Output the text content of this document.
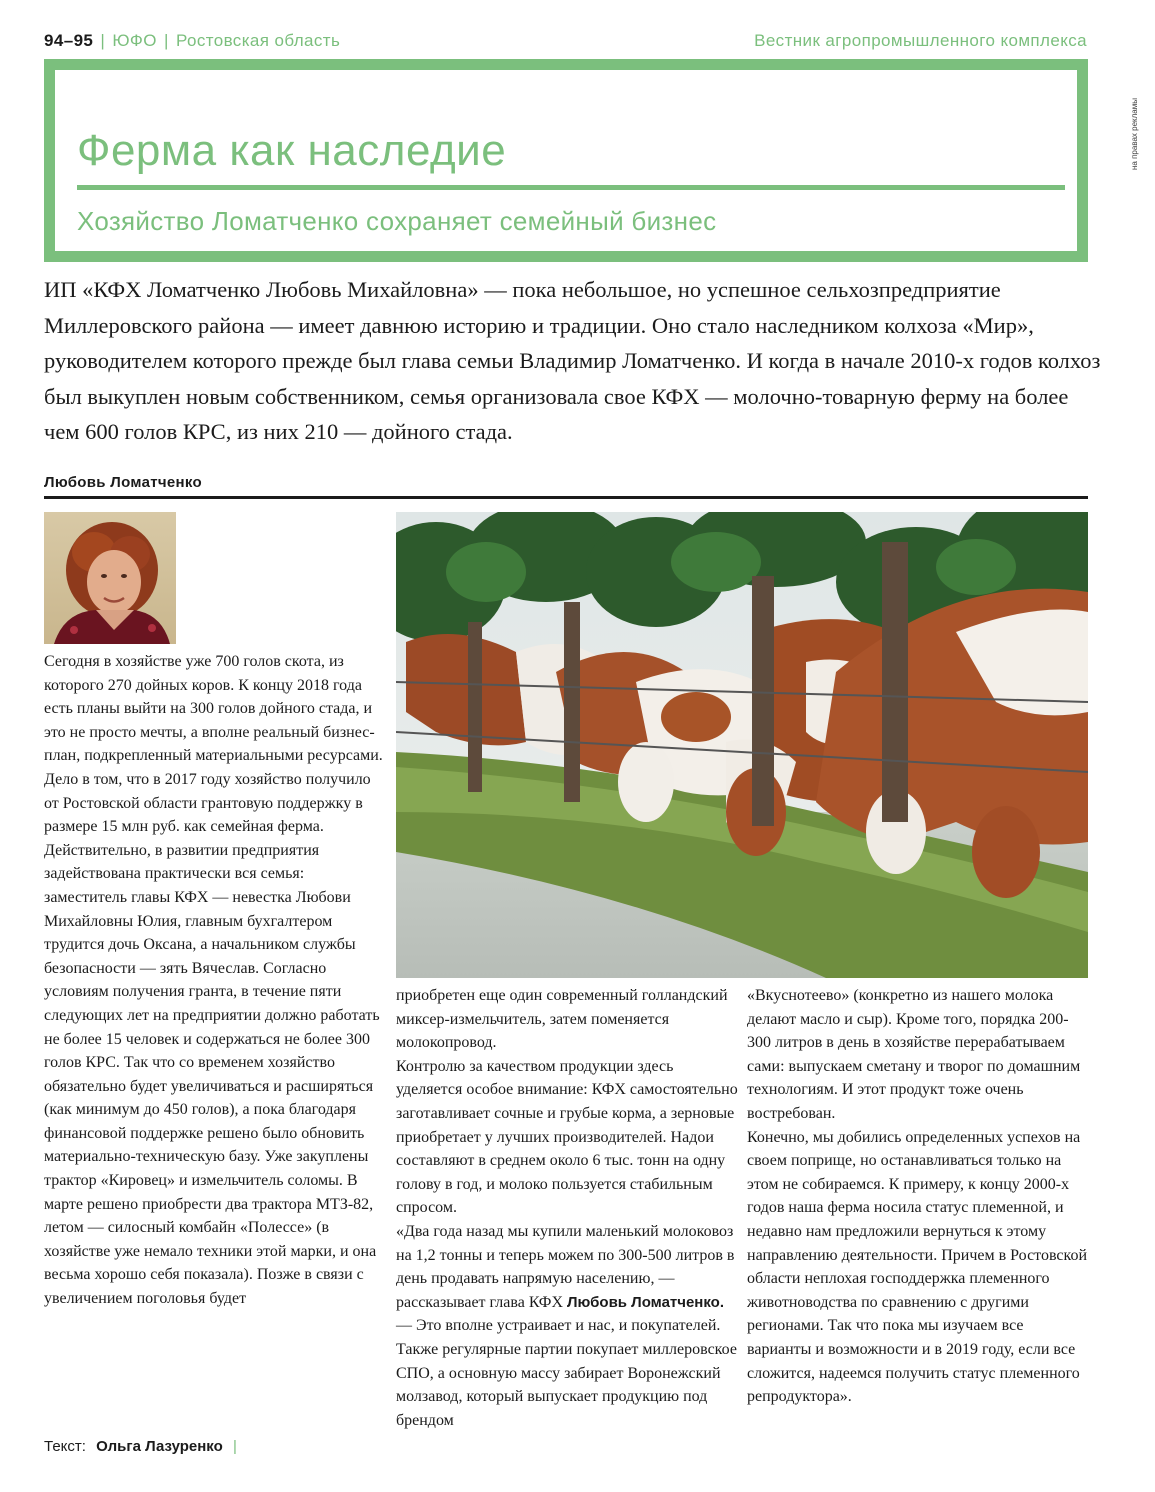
94–95 | ЮФО | Ростовская область	Вестник агропромышленного комплекса
на правах рекламы
Ферма как наследие
Хозяйство Ломатченко сохраняет семейный бизнес

ИП «КФХ Ломатченко Любовь Михайловна» — пока небольшое, но успешное сельхозпредприятие Миллеровского района — имеет давнюю историю и традиции. Оно стало наследником колхоза «Мир», руководителем которого прежде был глава семьи Владимир Ломатченко. И когда в начале 2010-х годов колхоз был выкуплен новым собственником, семья организовала свое КФХ — молочно-товарную ферму на более чем 600 голов КРС, из них 210 — дойного стада.

Любовь Ломатченко

Сегодня в хозяйстве уже 700 голов скота, из которого 270 дойных коров. К концу 2018 года есть планы выйти на 300 голов дойного стада, и это не просто мечты, а вполне реальный бизнес-план, подкрепленный материальными ресурсами. Дело в том, что в 2017 году хозяйство получило от Ростовской области грантовую поддержку в размере 15 млн руб. как семейная ферма. Действительно, в развитии предприятия задействована практически вся семья: заместитель главы КФХ — невестка Любови Михайловны Юлия, главным бухгалтером трудится дочь Оксана, а начальником службы безопасности — зять Вячеслав. Согласно условиям получения гранта, в течение пяти следующих лет на предприятии должно работать не более 15 человек и содержаться не более 300 голов КРС. Так что со временем хозяйство обязательно будет увеличиваться и расширяться (как минимум до 450 голов), а пока благодаря финансовой поддержке решено было обновить материально-техническую базу. Уже закуплены трактор «Кировец» и измельчитель соломы. В марте решено приобрести два трактора МТЗ-82, летом — силосный комбайн «Полессе» (в хозяйстве уже немало техники этой марки, и она весьма хорошо себя показала). Позже в связи с увеличением поголовья будет

приобретен еще один современный голландский миксер-измельчитель, затем поменяется молокопровод.

Контролю за качеством продукции здесь уделяется особое внимание: КФХ самостоятельно заготавливает сочные и грубые корма, а зерновые приобретает у лучших производителей. Надои составляют в среднем около 6 тыс. тонн на одну голову в год, и молоко пользуется стабильным спросом.

«Два года назад мы купили маленький молоковоз на 1,2 тонны и теперь можем по 300-500 литров в день продавать напрямую населению, — рассказывает глава КФХ Любовь Ломатченко. — Это вполне устраивает и нас, и покупателей. Также регулярные партии покупает миллеровское СПО, а основную массу забирает Воронежский молзавод, который выпускает продукцию под брендом

«Вкуснотеево» (конкретно из нашего молока делают масло и сыр). Кроме того, порядка 200-300 литров в день в хозяйстве перерабатываем сами: выпускаем сметану и творог по домашним технологиям. И этот продукт тоже очень востребован.

Конечно, мы добились определенных успехов на своем поприще, но останавливаться только на этом не собираемся. К примеру, к концу 2000-х годов наша ферма носила статус племенной, и недавно нам предложили вернуться к этому направлению деятельности. Причем в Ростовской области неплохая господдержка племенного животноводства по сравнению с другими регионами. Так что пока мы изучаем все варианты и возможности и в 2019 году, если все сложится, надеемся получить статус племенного репродуктора».

Текст: Ольга Лазуренко |
